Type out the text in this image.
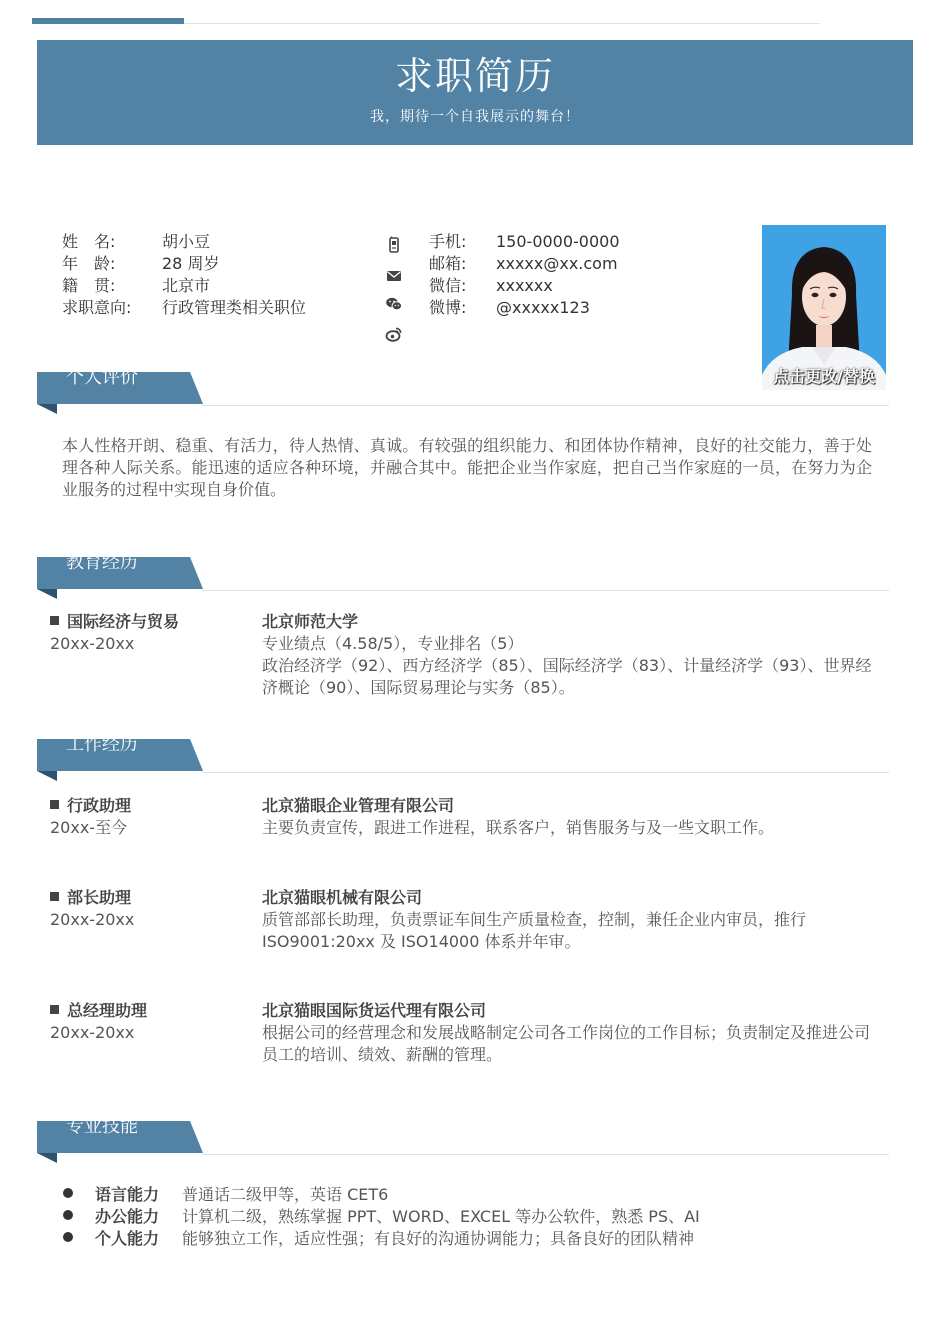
求职简历
我，期待一个自我展示的舞台！
姓　名:	胡小豆
年　龄:	28 周岁
籍　贯:	北京市
求职意向: 行政管理类相关职位
手机: 150-0000-0000
邮箱: xxxxx@xx.com
微信: xxxxxx
微博: @xxxxx123
点击更改/替换
个人评价
本人性格开朗、稳重、有活力，待人热情、真诚。有较强的组织能力、和团体协作精神，良好的社交能力，善于处理各种人际关系。能迅速的适应各种环境，并融合其中。能把企业当作家庭，把自己当作家庭的一员，在努力为企业服务的过程中实现自身价值。
教育经历
国际经济与贸易
20xx-20xx
北京师范大学
专业绩点（4.58/5），专业排名（5）
政治经济学（92）、西方经济学（85）、国际经济学（83）、计量经济学（93）、世界经济概论（90）、国际贸易理论与实务（85）。
工作经历
行政助理
20xx-至今
北京猫眼企业管理有限公司
主要负责宣传，跟进工作进程，联系客户，销售服务与及一些文职工作。
部长助理
20xx-20xx
北京猫眼机械有限公司
质管部部长助理，负责票证车间生产质量检查，控制，兼任企业内审员，推行ISO9001:20xx 及 ISO14000 体系并年审。
总经理助理
20xx-20xx
北京猫眼国际货运代理有限公司
根据公司的经营理念和发展战略制定公司各工作岗位的工作目标；负责制定及推进公司员工的培训、绩效、薪酬的管理。
专业技能
语言能力 普通话二级甲等，英语 CET6
办公能力 计算机二级，熟练掌握 PPT、WORD、EXCEL 等办公软件，熟悉 PS、AI
个人能力 能够独立工作，适应性强；有良好的沟通协调能力；具备良好的团队精神
